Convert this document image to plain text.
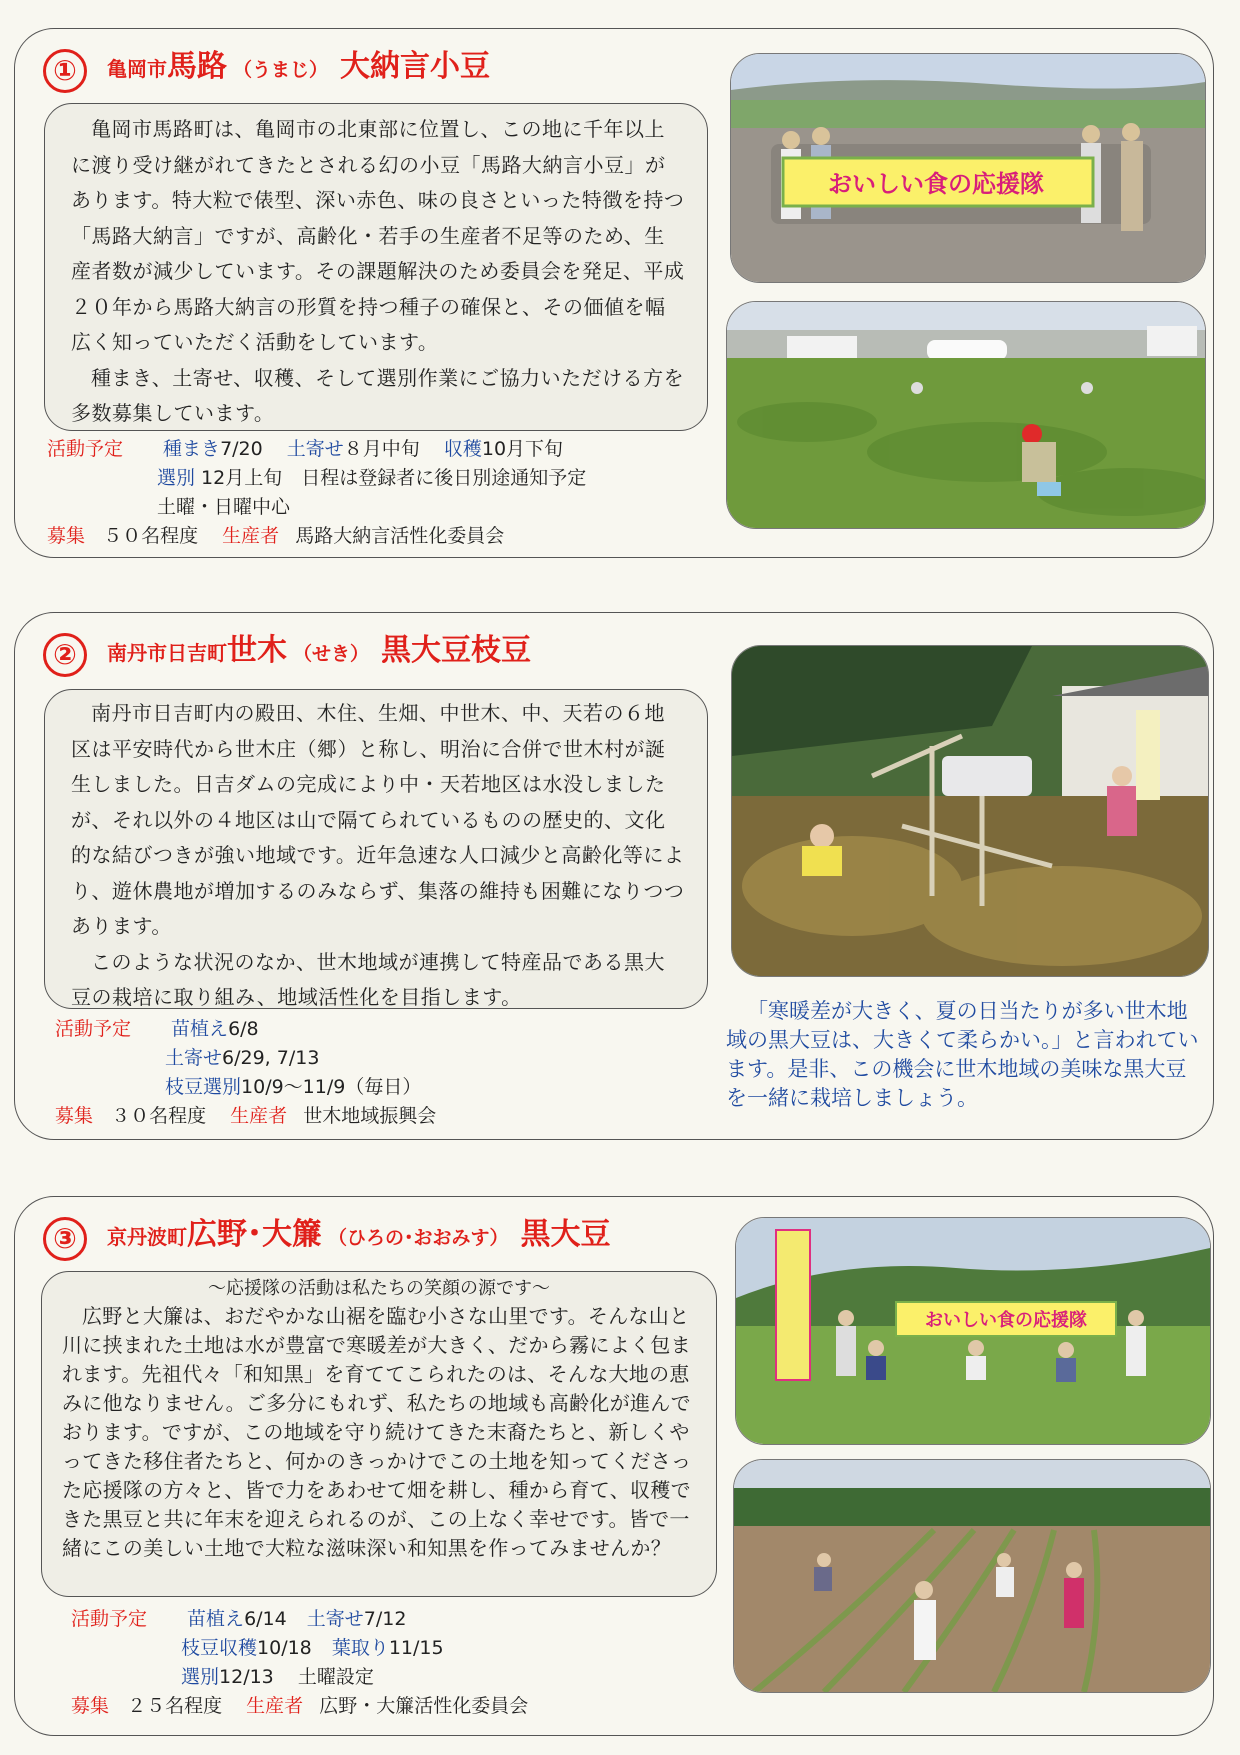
①	亀岡市 馬路 （うまじ） 大納言小豆

亀岡市馬路町は、亀岡市の北東部に位置し、この地に千年以上に渡り受け継がれてきたとされる幻の小豆「馬路大納言小豆」があります。特大粒で俵型、深い赤色、味の良さといった特徴を持つ「馬路大納言」ですが、高齢化・若手の生産者不足等のため、生産者数が減少しています。その課題解決のため委員会を発足、平成２０年から馬路大納言の形質を持つ種子の確保と、その価値を幅広く知っていただく活動をしています。

種まき、土寄せ、収穫、そして選別作業にご協力いただける方を多数募集しています。

活動予定 種まき7/20 土寄せ８月中旬 収穫10月下旬
選別 12月上旬　日程は登録者に後日別途通知予定
土曜・日曜中心
募集 ５０名程度 生産者 馬路大納言活性化委員会
おいしい食の応援隊
②	南丹市日吉町 世木 （せき） 黒大豆枝豆

南丹市日吉町内の殿田、木住、生畑、中世木、中、天若の６地区は平安時代から世木庄（郷）と称し、明治に合併で世木村が誕生しました。日吉ダムの完成により中・天若地区は水没しましたが、それ以外の４地区は山で隔てられているものの歴史的、文化的な結びつきが強い地域です。近年急速な人口減少と高齢化等により、遊休農地が増加するのみならず、集落の維持も困難になりつつあります。

このような状況のなか、世木地域が連携して特産品である黒大豆の栽培に取り組み、地域活性化を目指します。

活動予定 苗植え6/8
土寄せ6/29, 7/13
枝豆選別10/9～11/9（毎日）
募集 ３０名程度 生産者 世木地域振興会

「寒暖差が大きく、夏の日当たりが多い世木地域の黒大豆は、大きくて柔らかい。」と言われています。是非、この機会に世木地域の美味な黒大豆を一緒に栽培しましょう。

③	京丹波町 広野･大簾 （ひろの･おおみす） 黒大豆

～応援隊の活動は私たちの笑顔の源です～

広野と大簾は、おだやかな山裾を臨む小さな山里です。そんな山と川に挟まれた土地は水が豊富で寒暖差が大きく、だから霧によく包まれます。先祖代々「和知黒」を育ててこられたのは、そんな大地の恵みに他なりません。ご多分にもれず、私たちの地域も高齢化が進んでおります。ですが、この地域を守り続けてきた末裔たちと、新しくやってきた移住者たちと、何かのきっかけでこの土地を知ってくださった応援隊の方々と、皆で力をあわせて畑を耕し、種から育て、収穫できた黒豆と共に年末を迎えられるのが、この上なく幸せです。皆で一緒にこの美しい土地で大粒な滋味深い和知黒を作ってみませんか？

活動予定 苗植え6/14 土寄せ7/12
枝豆収穫10/18 葉取り11/15
選別12/13 土曜設定
募集 ２５名程度 生産者 広野・大簾活性化委員会
おいしい食の応援隊
